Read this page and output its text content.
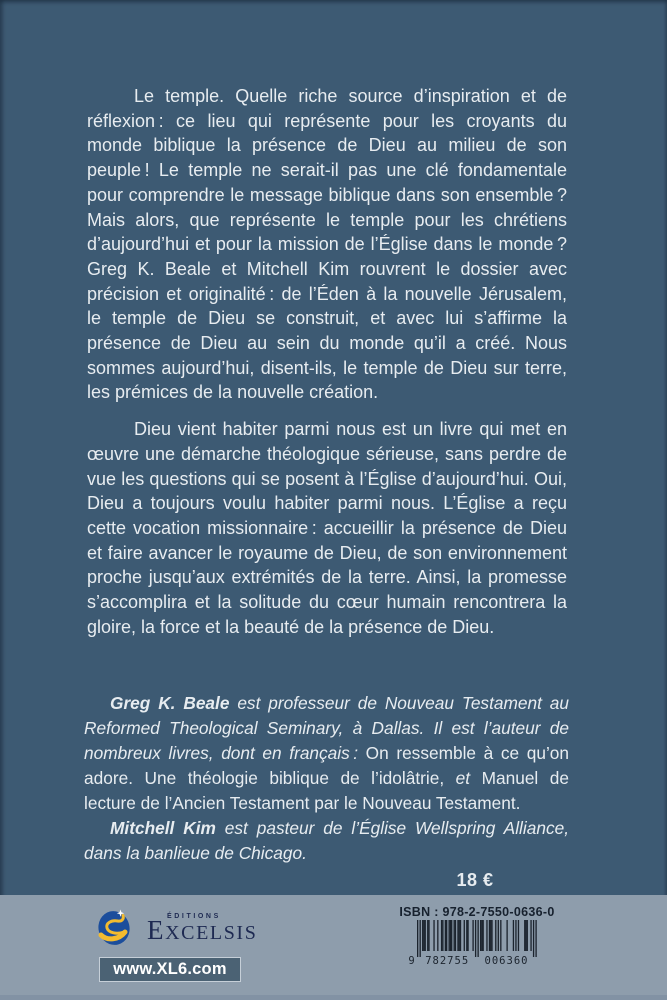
Le temple. Quelle riche source d’inspiration et de réflexion : ce lieu qui représente pour les croyants du monde biblique la présence de Dieu au milieu de son peuple ! Le temple ne serait-il pas une clé fondamentale pour comprendre le message biblique dans son ensemble ? Mais alors, que représente le temple pour les chrétiens d’aujourd’hui et pour la mission de l’Église dans le monde ? Greg K. Beale et Mitchell Kim rouvrent le dossier avec précision et originalité : de l’Éden à la nouvelle Jérusalem, le temple de Dieu se construit, et avec lui s’affirme la présence de Dieu au sein du monde qu’il a créé. Nous sommes aujourd’hui, disent-ils, le temple de Dieu sur terre, les prémices de la nouvelle création.

Dieu vient habiter parmi nous est un livre qui met en œuvre une démarche théologique sérieuse, sans perdre de vue les questions qui se posent à l’Église d’aujourd’hui. Oui, Dieu a toujours voulu habiter parmi nous. L’Église a reçu cette vocation missionnaire : accueillir la présence de Dieu et faire avancer le royaume de Dieu, de son environnement proche jusqu’aux extrémités de la terre. Ainsi, la promesse s’accomplira et la solitude du cœur humain rencontrera la gloire, la force et la beauté de la présence de Dieu.

Greg K. Beale est professeur de Nouveau Testament au Reformed Theological Seminary, à Dallas. Il est l’auteur de nombreux livres, dont en français : On ressemble à ce qu’on adore. Une théologie biblique de l’idolâtrie, et Manuel de lecture de l’Ancien Testament par le Nouveau Testament.

Mitchell Kim est pasteur de l’Église Wellspring Alliance, dans la banlieue de Chicago.

18 €
ÉDITIONS
EXCELSIS
www.XL6.com
ISBN : 978-2-7550-0636-0
9 782755 006360
